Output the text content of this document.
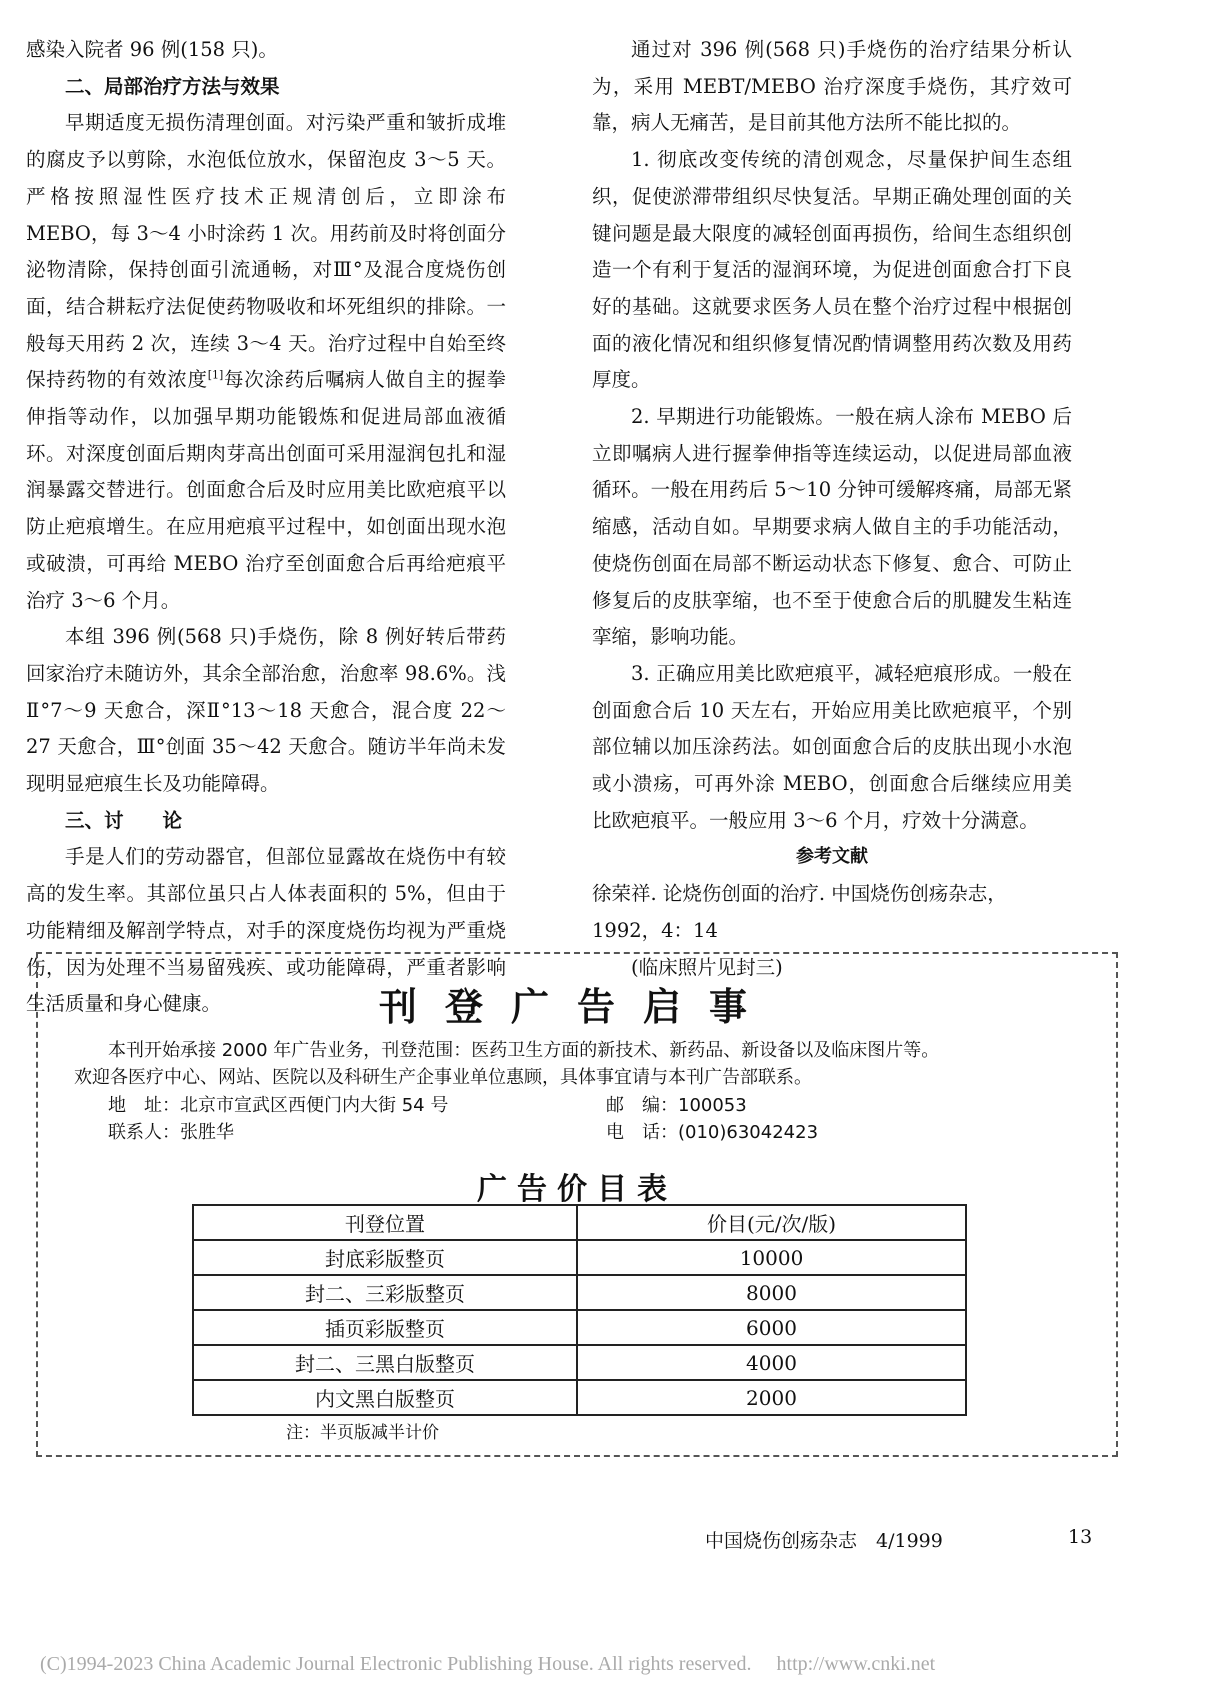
感染入院者 96 例(158 只)。

二、局部治疗方法与效果

早期适度无损伤清理创面。对污染严重和皱折成堆的腐皮予以剪除，水泡低位放水，保留泡皮 3～5 天。严格按照湿性医疗技术正规清创后，立即涂布 MEBO，每 3～4 小时涂药 1 次。用药前及时将创面分泌物清除，保持创面引流通畅，对Ⅲ°及混合度烧伤创面，结合耕耘疗法促使药物吸收和坏死组织的排除。一般每天用药 2 次，连续 3～4 天。治疗过程中自始至终保持药物的有效浓度[1]每次涂药后嘱病人做自主的握拳伸指等动作，以加强早期功能锻炼和促进局部血液循环。对深度创面后期肉芽高出创面可采用湿润包扎和湿润暴露交替进行。创面愈合后及时应用美比欧疤痕平以防止疤痕增生。在应用疤痕平过程中，如创面出现水泡或破溃，可再给 MEBO 治疗至创面愈合后再给疤痕平治疗 3～6 个月。

本组 396 例(568 只)手烧伤，除 8 例好转后带药回家治疗未随访外，其余全部治愈，治愈率 98.6%。浅Ⅱ°7～9 天愈合，深Ⅱ°13～18 天愈合，混合度 22～27 天愈合，Ⅲ°创面 35～42 天愈合。随访半年尚未发现明显疤痕生长及功能障碍。

三、讨　　论

手是人们的劳动器官，但部位显露故在烧伤中有较高的发生率。其部位虽只占人体表面积的 5%，但由于功能精细及解剖学特点，对手的深度烧伤均视为严重烧伤，因为处理不当易留残疾、或功能障碍，严重者影响生活质量和身心健康。

通过对 396 例(568 只)手烧伤的治疗结果分析认为，采用 MEBT/MEBO 治疗深度手烧伤，其疗效可靠，病人无痛苦，是目前其他方法所不能比拟的。

1. 彻底改变传统的清创观念，尽量保护间生态组织，促使淤滞带组织尽快复活。早期正确处理创面的关键问题是最大限度的减轻创面再损伤，给间生态组织创造一个有利于复活的湿润环境，为促进创面愈合打下良好的基础。这就要求医务人员在整个治疗过程中根据创面的液化情况和组织修复情况酌情调整用药次数及用药厚度。

2. 早期进行功能锻炼。一般在病人涂布 MEBO 后立即嘱病人进行握拳伸指等连续运动，以促进局部血液循环。一般在用药后 5～10 分钟可缓解疼痛，局部无紧缩感，活动自如。早期要求病人做自主的手功能活动，使烧伤创面在局部不断运动状态下修复、愈合、可防止修复后的皮肤挛缩，也不至于使愈合后的肌腱发生粘连挛缩，影响功能。

3. 正确应用美比欧疤痕平，减轻疤痕形成。一般在创面愈合后 10 天左右，开始应用美比欧疤痕平，个别部位辅以加压涂药法。如创面愈合后的皮肤出现小水泡或小溃疡，可再外涂 MEBO，创面愈合后继续应用美比欧疤痕平。一般应用 3～6 个月，疗效十分满意。

参考文献

徐荣祥. 论烧伤创面的治疗. 中国烧伤创疡杂志，

1992，4：14

(临床照片见封三)

刊登广告启事
本刊开始承接 2000 年广告业务，刊登范围：医药卫生方面的新技术、新药品、新设备以及临床图片等。
欢迎各医疗中心、网站、医院以及科研生产企事业单位惠顾，具体事宜请与本刊广告部联系。
地　址：北京市宣武区西便门内大街 54 号	邮　编：100053
联系人：张胜华	电　话：(010)63042423
广告价目表
刊登位置	价目(元/次/版)
封底彩版整页	10000
封二、三彩版整页	8000
插页彩版整页	6000
封二、三黑白版整页	4000
内文黑白版整页	2000
注：半页版减半计价
中国烧伤创疡杂志　4/1999	13
(C)1994-2023 China Academic Journal Electronic Publishing House. All rights reserved.　 http://www.cnki.net
